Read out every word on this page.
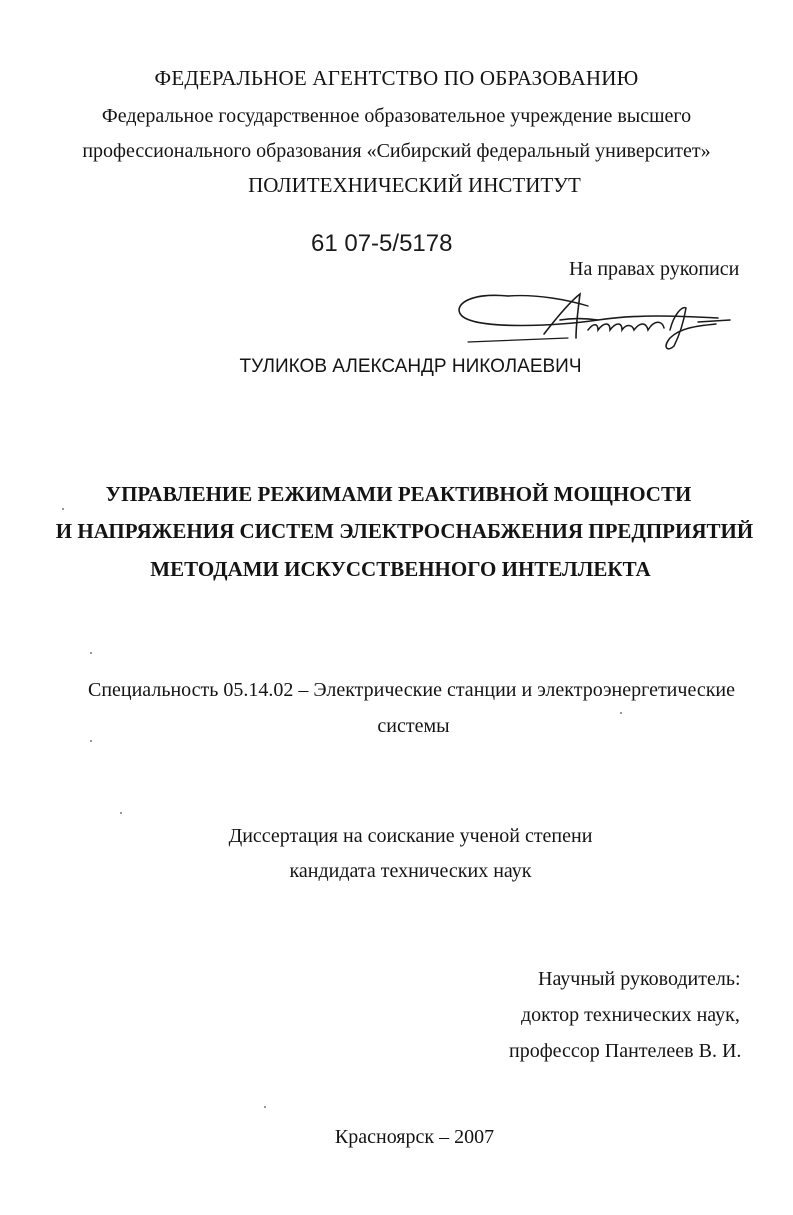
ФЕДЕРАЛЬНОЕ АГЕНТСТВО ПО ОБРАЗОВАНИЮ
Федеральное государственное образовательное учреждение высшего
профессионального образования «Сибирский федеральный университет»
ПОЛИТЕХНИЧЕСКИЙ ИНСТИТУТ
61 07-5/5178
На правах рукописи
ТУЛИКОВ АЛЕКСАНДР НИКОЛАЕВИЧ
УПРАВЛЕНИЕ РЕЖИМАМИ РЕАКТИВНОЙ МОЩНОСТИ
И НАПРЯЖЕНИЯ СИСТЕМ ЭЛЕКТРОСНАБЖЕНИЯ ПРЕДПРИЯТИЙ
МЕТОДАМИ ИСКУССТВЕННОГО ИНТЕЛЛЕКТА
Специальность 05.14.02 – Электрические станции и электроэнергетические
системы
Диссертация на соискание ученой степени
кандидата технических наук
Научный руководитель:
доктор технических наук,
профессор Пантелеев В. И.
Красноярск – 2007
